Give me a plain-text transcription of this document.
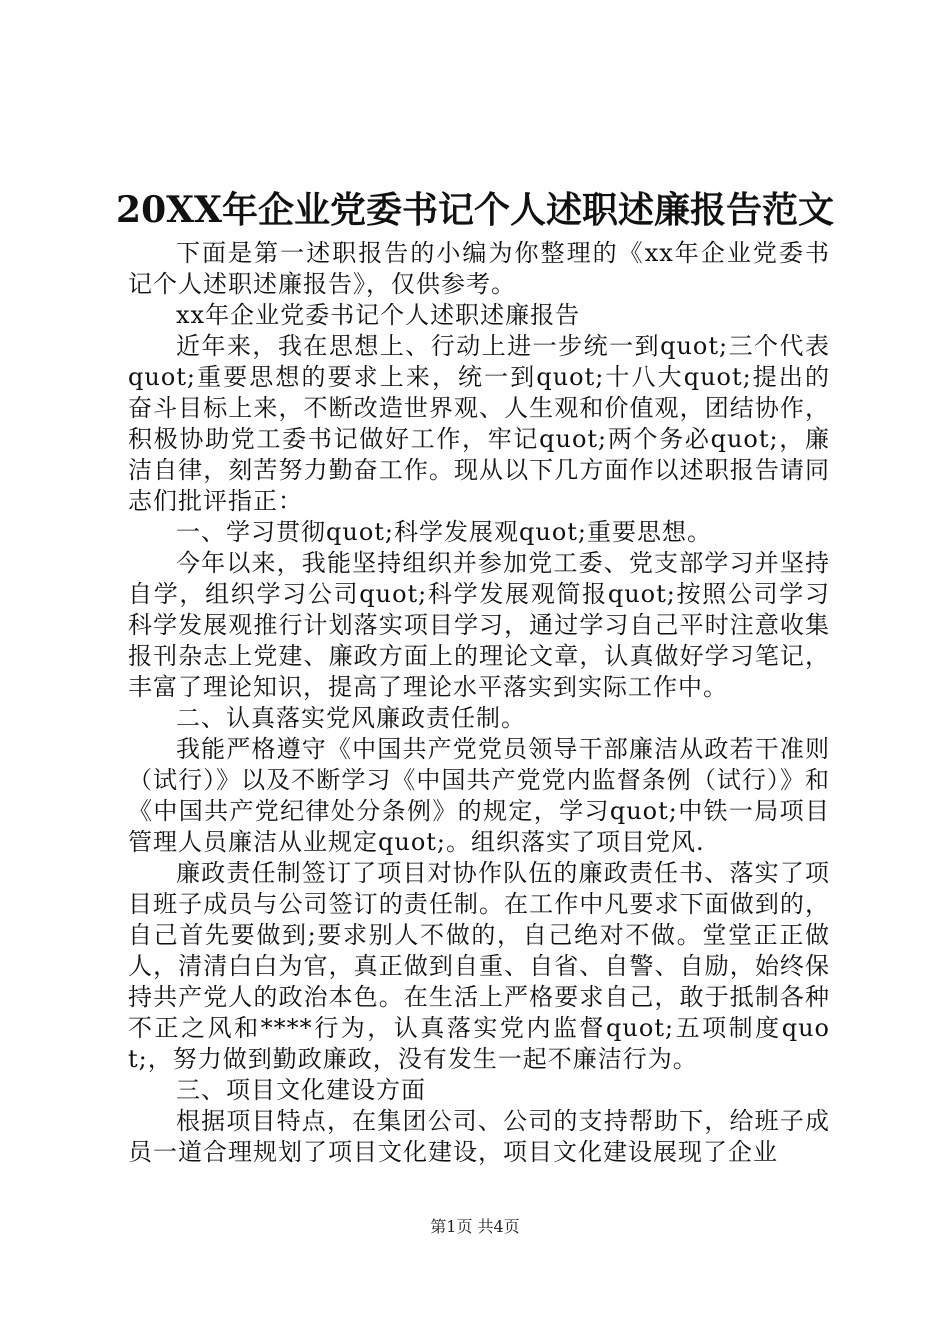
20XX年企业党委书记个人述职述廉报告范文

下面是第一述职报告的小编为你整理的《xx年企业党委书记个人述职述廉报告》，仅供参考。

xx年企业党委书记个人述职述廉报告

近年来，我在思想上、行动上进一步统一到quot;三个代表quot;重要思想的要求上来，统一到quot;十八大quot;提出的奋斗目标上来，不断改造世界观、人生观和价值观，团结协作，积极协助党工委书记做好工作，牢记quot;两个务必quot;，廉洁自律，刻苦努力勤奋工作。现从以下几方面作以述职报告请同志们批评指正：

一、学习贯彻quot;科学发展观quot;重要思想。

今年以来，我能坚持组织并参加党工委、党支部学习并坚持自学，组织学习公司quot;科学发展观简报quot;按照公司学习科学发展观推行计划落实项目学习，通过学习自己平时注意收集报刊杂志上党建、廉政方面上的理论文章，认真做好学习笔记，丰富了理论知识，提高了理论水平落实到实际工作中。

二、认真落实党风廉政责任制。

我能严格遵守《中国共产党党员领导干部廉洁从政若干准则（试行）》以及不断学习《中国共产党党内监督条例（试行）》和《中国共产党纪律处分条例》的规定，学习quot;中铁一局项目管理人员廉洁从业规定quot;。组织落实了项目党风.

廉政责任制签订了项目对协作队伍的廉政责任书、落实了项目班子成员与公司签订的责任制。在工作中凡要求下面做到的，自己首先要做到;要求别人不做的，自己绝对不做。堂堂正正做人，清清白白为官，真正做到自重、自省、自警、自励，始终保持共产党人的政治本色。在生活上严格要求自己，敢于抵制各种不正之风和****行为，认真落实党内监督quot;五项制度quot;，努力做到勤政廉政，没有发生一起不廉洁行为。

三、项目文化建设方面

根据项目特点，在集团公司、公司的支持帮助下，给班子成员一道合理规划了项目文化建设，项目文化建设展现了企业

第1页 共4页
